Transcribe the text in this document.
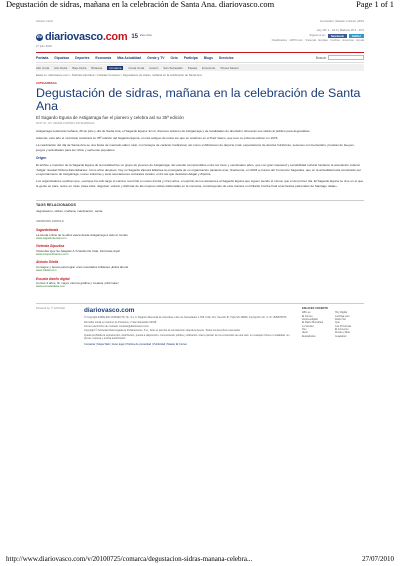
Degustación de sidras, mañana en la celebración de Santa Ana. diariovasco.com	Page 1 of 1
Versión móvil	Hernandez | Estado: Intranet | RSS
dv diariovasco.com 15 años online
27 julio 2010
Hoy 18 / 1 · 24.0 | Mañana 18.3 · 29.0
Síguenos en:	facebook	twitter
Clasificados · 11870.com · Vivienda · Empleo · Coches · Anuncios · Ayuda
Portada Gipuzkoa Deportes Economía Más Actualidad Gente y TV Ocio Participa Blogs Servicios	Buscar
Alto Urola Alto Deba Bajo Deba Bidasoa	Comarca	Costa Urola Goierri San Sebastián Pasaia Errenteria Tolosa Sasieri
Estás en: diariovasco.com > Noticias Gipuzkoa > Noticias Comarca > Degustación de sidras, mañana en la celebración de Santa Ana
ASTIGARRAGA
Degustación de sidras, mañana en la celebración de Santa Ana
El Sagardo Eguna de Astigarraga fue el pionero y celebra así su 35ª edición
25.07.10 - DV | MARÍA CORTÉS | ASTIGARRAGA.

Astigarraga celebrará mañana, 26 de julio y día de Santa Ana, el Sagardo Eguna. En él, diversos sidreros de Astigarraga y de localidades de alrededor ofrecerán sus sidras al público para degustarlas.

Además, este año el municipio celebrará su 35ª edición del Sagardo Eguna, el más antiguo de todos los que se celebran en el País Vasco, que tuvo su primera edición en 1976.

La celebración del día de Santa Ana se una fiesta de marcado sabor rural, con festejos de carácter tradicional, así como exhibiciones de deporte rural, espectáculos de danzas folclóricas, sesiones con bertsolaris, pruebas de bueyes, juegos y actividades para los niños y verbenas populares.

Origen

El artífice e impulsor de la Sagardo Eguna de la localidad fue un grupo de jóvenes de Astigarraga, del estudio comprendidos entre los trece y veinticuatro años, que con gran inquietud y sensibilidad cultural fundaron la asociación cultural 'Adigai', Euskal Ohitura Zale Elkartea'. Unos años después, hay un Sagardo Zipotza Elkartea la encargada de su organización pasando éste, finalmente, en 2003 a manos del Consorcio Sagardoa, que en la actualidad está constituido por el ayuntamiento de Astigarraga, nueve sidrerías y siete asociaciones culturales locales, entre las que destacan Adigai y Zipotza.

Los organizadores explican que, «aunque ha sido largo el camino recorrido en estos treinta y cinco años, el espíritu de los asistentes al Sagardo Eguna que siguen siendo el mismo que el del primer día. El Sagardo Eguna se vive en el que la gente se para, reúne en risas, pasa calor, degustar, valorar y disfrutar de las mejores sidras elaboradas en la comarca, constituyendo de esta manera un brillante broche final a las fiestas patronales de Santiago Jaiak».

TAGS RELACIONADOS
degustacion, sidras, mañana, celebracion, santa
ANUNCIOS GOOGLE
Sagardotienda
La tienda online de la sidra vasca desde Astigarraga a todo el mundo
www.sagardotienda.com
Vivienda Gipuzkoa
Viviendas Que Se Adaptan A Tu Estilo De Vida. Infórmate Aquí!
www.GrupoUrbanism.com
Alokatu Gilella
Consigue y busca para lograr unos resultados brillantes ¡Entra ahora!
www.Gilella.com
Escuela diseño digital
Cursos 3 años, fin mayor carrera gráfica y creativa ¡Infórmate!
www.escuelaideas.com
Powered by: © GOOGLE	diariovasco.com

© Copyright ZABALIKE CONNECTS, SL, S.L.U. Registro Mercantil de Gipuzkoa, Libro de Sociedades 1.789, Folio 141, Sección 8ª, Hoja SS-16839, Inscripción 11ª, C.I.F.: B20870976

Domicilio social en Camino de Portuetxe, 2 San Sebastián 20018

Correo electrónico de contacto contacto@diariovasco.com

Copyright © Sociedad Vascongada de Publicaciones, S.A., Solo se permite la reproducción citando la fuente. Todos los derechos reservados.

Queda prohibida la reproducción, distribución, puesta a disposición, comunicación pública y utilización, total o parcial, de los contenidos de esta web, en cualquier forma o modalidad, sin previa, expresa y escrita autorización.

Contactar | Mapa Web | Aviso legal | Política de privacidad | Publicidad | Master El Correo
ENLACES VOCENTO
ABC.es
El Correo
elcorreodigital
El Diario Montañés
La Verdad
Hoy
Ideal
EuskalIndex
Hoy Digital
La Rioja.com
Diario Sur
Qué
Las Provincias
El Comercio
Kiosko y Más
Guapabox
http://www.diariovasco.com/v/20100725/comarca/degustacion-sidras-manana-celebra...	27/07/2010
